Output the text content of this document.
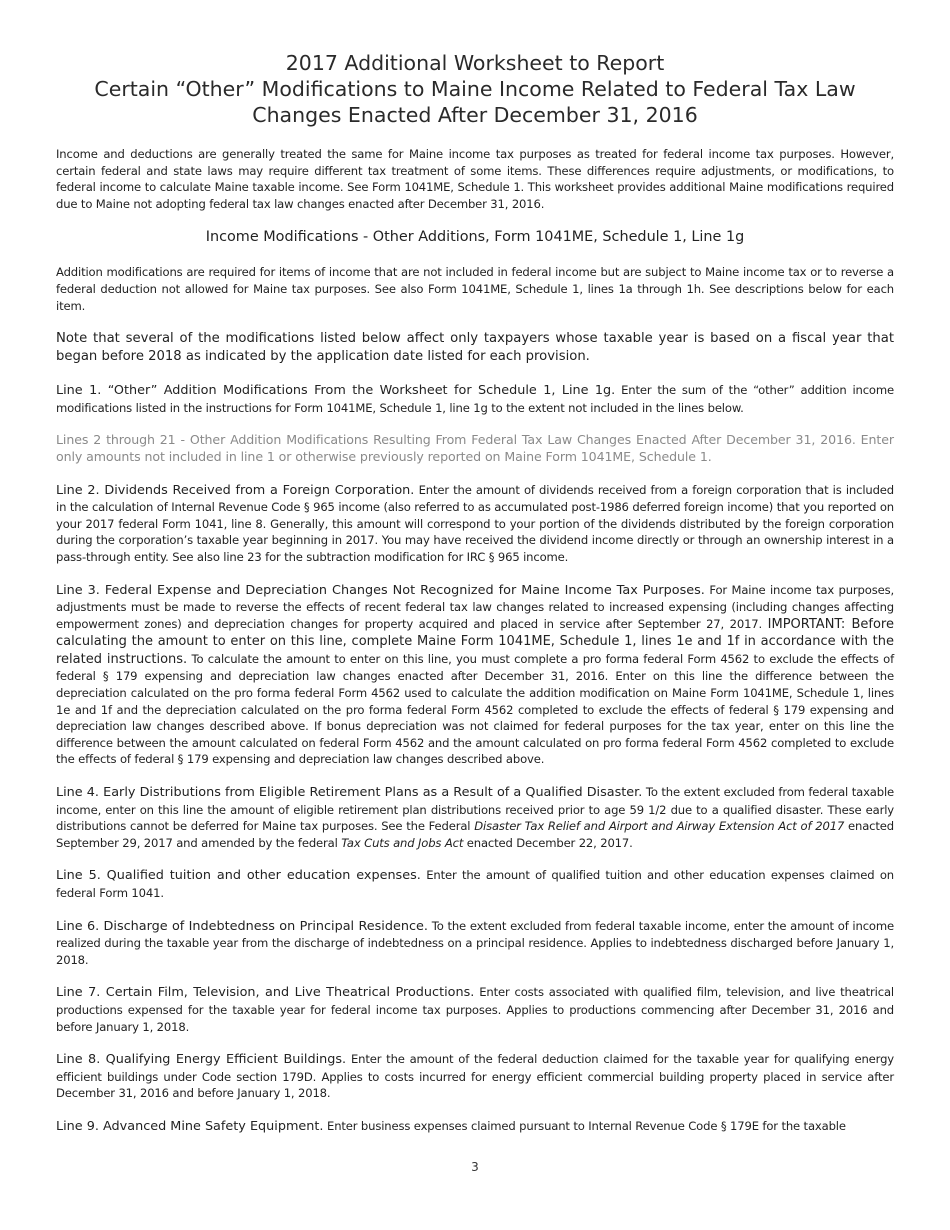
2017 Additional Worksheet to Report
Certain “Other” Modifications to Maine Income Related to Federal Tax Law
Changes Enacted After December 31, 2016

Income and deductions are generally treated the same for Maine income tax purposes as treated for federal income tax purposes. However, certain federal and state laws may require different tax treatment of some items. These differences require adjustments, or modifications, to federal income to calculate Maine taxable income. See Form 1041ME, Schedule 1. This worksheet provides additional Maine modifications required due to Maine not adopting federal tax law changes enacted after December 31, 2016.

Income Modifications - Other Additions, Form 1041ME, Schedule 1, Line 1g

Addition modifications are required for items of income that are not included in federal income but are subject to Maine income tax or to reverse a federal deduction not allowed for Maine tax purposes. See also Form 1041ME, Schedule 1, lines 1a through 1h. See descriptions below for each item.

Note that several of the modifications listed below affect only taxpayers whose taxable year is based on a fiscal year that began before 2018 as indicated by the application date listed for each provision.

Line 1. “Other” Addition Modifications From the Worksheet for Schedule 1, Line 1g. Enter the sum of the “other” addition income modifications listed in the instructions for Form 1041ME, Schedule 1, line 1g to the extent not included in the lines below.

Lines 2 through 21 - Other Addition Modifications Resulting From Federal Tax Law Changes Enacted After December 31, 2016. Enter only amounts not included in line 1 or otherwise previously reported on Maine Form 1041ME, Schedule 1.

Line 2. Dividends Received from a Foreign Corporation. Enter the amount of dividends received from a foreign corporation that is included in the calculation of Internal Revenue Code § 965 income (also referred to as accumulated post-1986 deferred foreign income) that you reported on your 2017 federal Form 1041, line 8. Generally, this amount will correspond to your portion of the dividends distributed by the foreign corporation during the corporation’s taxable year beginning in 2017. You may have received the dividend income directly or through an ownership interest in a pass-through entity. See also line 23 for the subtraction modification for IRC § 965 income.

Line 3. Federal Expense and Depreciation Changes Not Recognized for Maine Income Tax Purposes. For Maine income tax purposes, adjustments must be made to reverse the effects of recent federal tax law changes related to increased expensing (including changes affecting empowerment zones) and depreciation changes for property acquired and placed in service after September 27, 2017. IMPORTANT: Before calculating the amount to enter on this line, complete Maine Form 1041ME, Schedule 1, lines 1e and 1f in accordance with the related instructions. To calculate the amount to enter on this line, you must complete a pro forma federal Form 4562 to exclude the effects of federal § 179 expensing and depreciation law changes enacted after December 31, 2016. Enter on this line the difference between the depreciation calculated on the pro forma federal Form 4562 used to calculate the addition modification on Maine Form 1041ME, Schedule 1, lines 1e and 1f and the depreciation calculated on the pro forma federal Form 4562 completed to exclude the effects of federal § 179 expensing and depreciation law changes described above. If bonus depreciation was not claimed for federal purposes for the tax year, enter on this line the difference between the amount calculated on federal Form 4562 and the amount calculated on pro forma federal Form 4562 completed to exclude the effects of federal § 179 expensing and depreciation law changes described above.

Line 4. Early Distributions from Eligible Retirement Plans as a Result of a Qualified Disaster. To the extent excluded from federal taxable income, enter on this line the amount of eligible retirement plan distributions received prior to age 59 1/2 due to a qualified disaster. These early distributions cannot be deferred for Maine tax purposes. See the Federal Disaster Tax Relief and Airport and Airway Extension Act of 2017 enacted September 29, 2017 and amended by the federal Tax Cuts and Jobs Act enacted December 22, 2017.

Line 5. Qualified tuition and other education expenses. Enter the amount of qualified tuition and other education expenses claimed on federal Form 1041.

Line 6. Discharge of Indebtedness on Principal Residence. To the extent excluded from federal taxable income, enter the amount of income realized during the taxable year from the discharge of indebtedness on a principal residence. Applies to indebtedness discharged before January 1, 2018.

Line 7. Certain Film, Television, and Live Theatrical Productions. Enter costs associated with qualified film, television, and live theatrical productions expensed for the taxable year for federal income tax purposes. Applies to productions commencing after December 31, 2016 and before January 1, 2018.

Line 8. Qualifying Energy Efficient Buildings. Enter the amount of the federal deduction claimed for the taxable year for qualifying energy efficient buildings under Code section 179D. Applies to costs incurred for energy efficient commercial building property placed in service after December 31, 2016 and before January 1, 2018.

Line 9. Advanced Mine Safety Equipment. Enter business expenses claimed pursuant to Internal Revenue Code § 179E for the taxable

3
